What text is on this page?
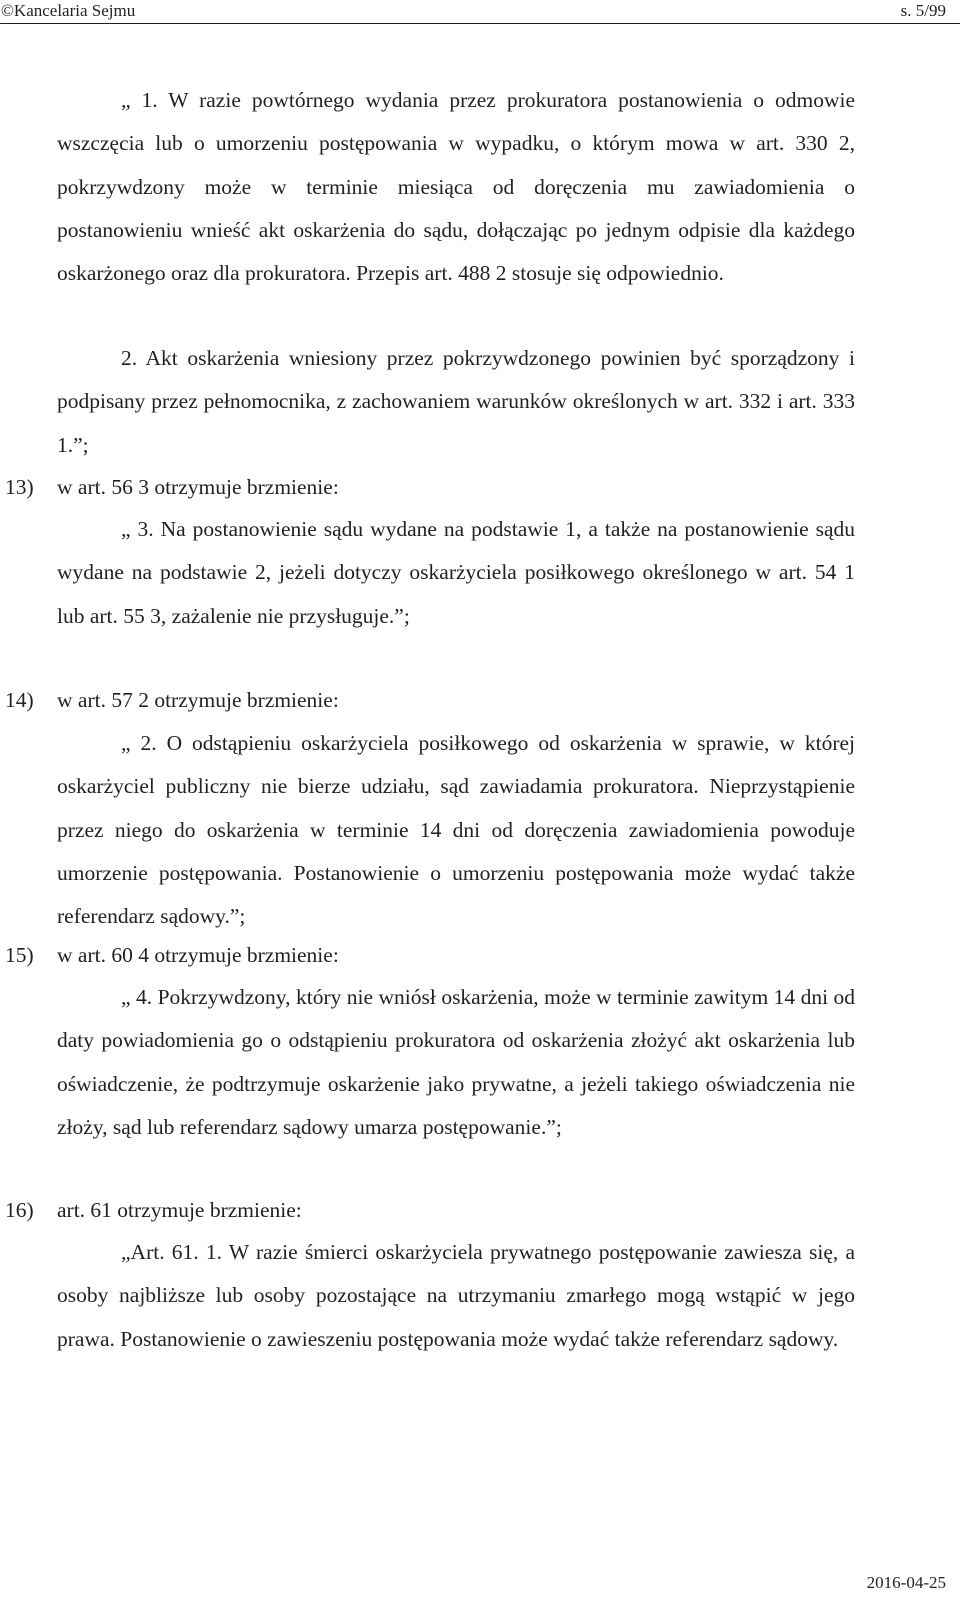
©Kancelaria Sejmu	s. 5/99

„ 1. W razie powtórnego wydania przez prokuratora postanowienia o odmowie wszczęcia lub o umorzeniu postępowania w wypadku, o którym mowa w art. 330 2, pokrzywdzony może w terminie miesiąca od doręczenia mu zawiadomienia o postanowieniu wnieść akt oskarżenia do sądu, dołączając po jednym odpisie dla każdego oskarżonego oraz dla prokuratora. Przepis art. 488 2 stosuje się odpowiednio.

2. Akt oskarżenia wniesiony przez pokrzywdzonego powinien być sporządzony i podpisany przez pełnomocnika, z zachowaniem warunków określonych w art. 332 i art. 333 1.”;

13) w art. 56 3 otrzymuje brzmienie:

„ 3. Na postanowienie sądu wydane na podstawie 1, a także na postanowienie sądu wydane na podstawie 2, jeżeli dotyczy oskarżyciela posiłkowego określonego w art. 54 1 lub art. 55 3, zażalenie nie przysługuje.”;

14) w art. 57 2 otrzymuje brzmienie:

„ 2. O odstąpieniu oskarżyciela posiłkowego od oskarżenia w sprawie, w której oskarżyciel publiczny nie bierze udziału, sąd zawiadamia prokuratora. Nieprzystąpienie przez niego do oskarżenia w terminie 14 dni od doręczenia zawiadomienia powoduje umorzenie postępowania. Postanowienie o umorzeniu postępowania może wydać także referendarz sądowy.”;

15) w art. 60 4 otrzymuje brzmienie:

„ 4. Pokrzywdzony, który nie wniósł oskarżenia, może w terminie zawitym 14 dni od daty powiadomienia go o odstąpieniu prokuratora od oskarżenia złożyć akt oskarżenia lub oświadczenie, że podtrzymuje oskarżenie jako prywatne, a jeżeli takiego oświadczenia nie złoży, sąd lub referendarz sądowy umarza postępowanie.”;

16) art. 61 otrzymuje brzmienie:

„Art. 61. 1. W razie śmierci oskarżyciela prywatnego postępowanie zawiesza się, a osoby najbliższe lub osoby pozostające na utrzymaniu zmarłego mogą wstąpić w jego prawa. Postanowienie o zawieszeniu postępowania może wydać także referendarz sądowy.

2016-04-25
